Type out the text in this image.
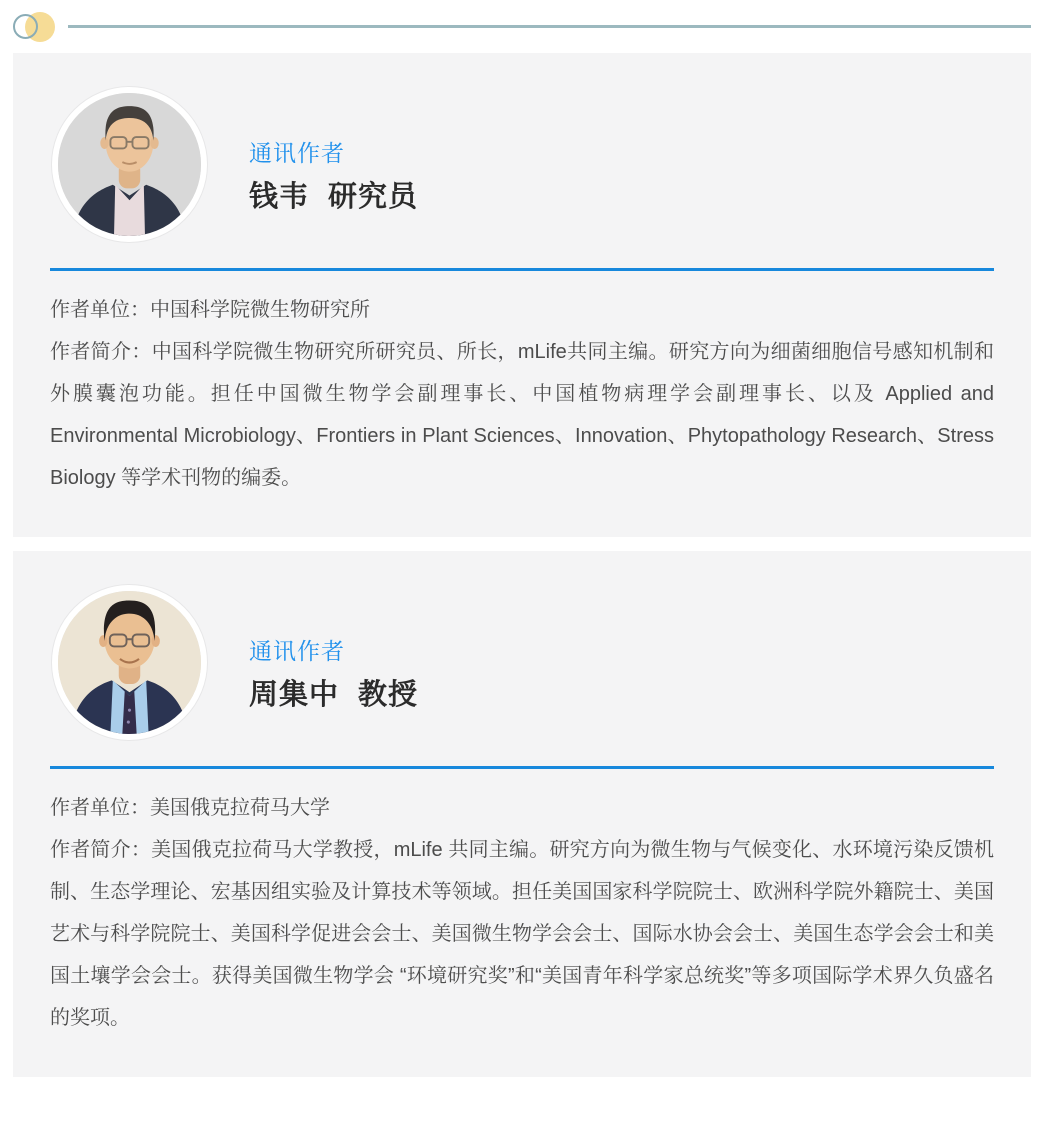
通讯作者
钱韦 研究员

作者单位：中国科学院微生物研究所

作者简介：中国科学院微生物研究所研究员、所长，mLife共同主编。研究方向为细菌细胞信号感知机制和外膜囊泡功能。担任中国微生物学会副理事长、中国植物病理学会副理事长、以及 Applied and Environmental Microbiology、Frontiers in Plant Sciences、Innovation、Phytopathology Research、Stress Biology 等学术刊物的编委。

通讯作者
周集中 教授

作者单位：美国俄克拉荷马大学

作者简介：美国俄克拉荷马大学教授，mLife 共同主编。研究方向为微生物与气候变化、水环境污染反馈机制、生态学理论、宏基因组实验及计算技术等领域。担任美国国家科学院院士、欧洲科学院外籍院士、美国艺术与科学院院士、美国科学促进会会士、美国微生物学会会士、国际水协会会士、美国生态学会会士和美国土壤学会会士。获得美国微生物学会 “环境研究奖”和“美国青年科学家总统奖”等多项国际学术界久负盛名的奖项。
